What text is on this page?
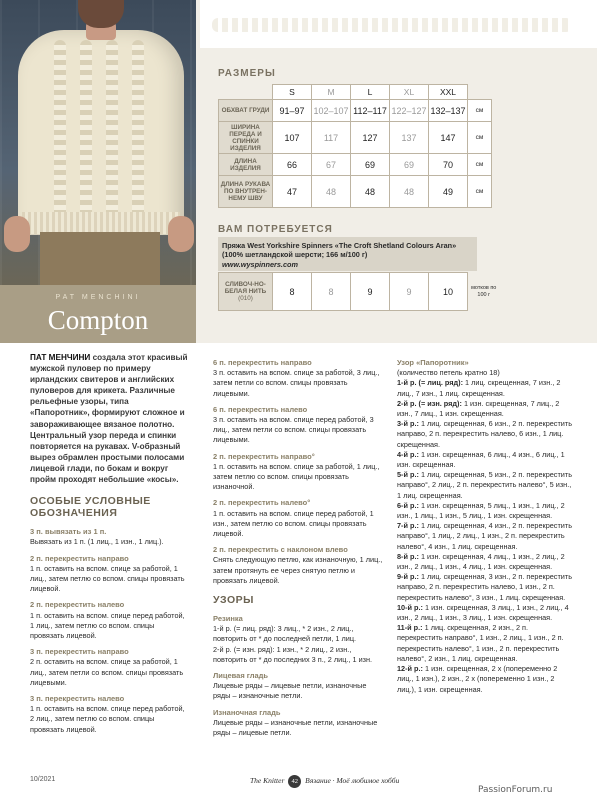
PAT MENCHINI
Compton
РАЗМЕРЫ
	S	M	L	XL	XXL	
ОБХВАТ ГРУДИ	91–97	102–107	112–117	122–127	132–137	см
ШИРИНА ПЕРЕДА И СПИНКИ ИЗДЕЛИЯ	107	117	127	137	147	см
ДЛИНА ИЗДЕЛИЯ	66	67	69	69	70	см
ДЛИНА РУКАВА ПО ВНУТРЕН-НЕМУ ШВУ	47	48	48	48	49	см
ВАМ ПОТРЕБУЕТСЯ
Пряжа West Yorkshire Spinners «The Croft Shetland Colours Aran»
(100% шетландской шерсти; 166 м/100 г)
www.wyspinners.com
СЛИВОЧ-НО-БЕЛАЯ НИТЬ
(010)
	8	8	9	9	10	мотков по 100 г
ПАТ МЕНЧИНИ создала этот красивый мужской пуловер по примеру ирландских свитеров и английских пуловеров для крикета. Различные рельефные узоры, типа «Папоротник», формируют сложное и завораживающее вязаное полотно. Центральный узор переда и спинки повторяется на рукавах. V-образный вырез обрамлен простыми полосами лицевой глади, по бокам и вокруг пройм проходят небольшие «косы».
ОСОБЫЕ УСЛОВНЫЕ ОБОЗНАЧЕНИЯ
3 п. вывязать из 1 п.
Вывязать из 1 п. (1 лиц., 1 изн., 1 лиц.).
2 п. перекрестить направо
1 п. оставить на вспом. спице за работой, 1 лиц., затем петлю со вспом. спицы провязать лицевой.
2 п. перекрестить налево
1 п. оставить на вспом. спице перед работой, 1 лиц., затем петлю со вспом. спицы провязать лицевой.
3 п. перекрестить направо
2 п. оставить на вспом. спице за работой, 1 лиц., затем петли со вспом. спицы провязать лицевыми.
3 п. перекрестить налево
1 п. оставить на вспом. спице перед работой, 2 лиц., затем петлю со вспом. спицы провязать лицевой.
6 п. перекрестить направо
3 п. оставить на вспом. спице за работой, 3 лиц., затем петли со вспом. спицы провязать лицевыми.
6 п. перекрестить налево
3 п. оставить на вспом. спице перед работой, 3 лиц., затем петли со вспом. спицы провязать лицевыми.
2 п. перекрестить направо°
1 п. оставить на вспом. спице за работой, 1 лиц., затем петлю со вспом. спицы провязать изнаночной.
2 п. перекрестить налево°
1 п. оставить на вспом. спице перед работой, 1 изн., затем петлю со вспом. спицы провязать лицевой.
2 п. перекрестить с наклоном влево
Снять следующую петлю, как изнаночную, 1 лиц., затем протянуть ее через снятую петлю и провязать лицевой.
УЗОРЫ
Резинка
1-й р. (= лиц. ряд): 3 лиц., * 2 изн., 2 лиц., повторить от * до последней петли, 1 лиц.
2-й р. (= изн. ряд): 1 изн., * 2 лиц., 2 изн., повторить от * до последних 3 п., 2 лиц., 1 изн.
Лицевая гладь
Лицевые ряды – лицевые петли, изнаночные ряды – изнаночные петли.
Изнаночная гладь
Лицевые ряды – изнаночные петли, изнаночные ряды – лицевые петли.
Узор «Папоротник»
(количество петель кратно 18)
1-й р. (= лиц. ряд): 1 лиц. скрещенная, 7 изн., 2 лиц., 7 изн., 1 лиц. скрещенная.
2-й р. (= изн. ряд): 1 изн. скрещенная, 7 лиц., 2 изн., 7 лиц., 1 изн. скрещенная.
3-й р.: 1 лиц. скрещенная, 6 изн., 2 п. перекрестить направо, 2 п. перекрестить налево, 6 изн., 1 лиц. скрещенная.
4-й р.: 1 изн. скрещенная, 6 лиц., 4 изн., 6 лиц., 1 изн. скрещенная.
5-й р.: 1 лиц. скрещенная, 5 изн., 2 п. перекрестить направо°, 2 лиц., 2 п. перекрестить налево°, 5 изн., 1 лиц. скрещенная.
6-й р.: 1 изн. скрещенная, 5 лиц., 1 изн., 1 лиц., 2 изн., 1 лиц., 1 изн., 5 лиц., 1 изн. скрещенная.
7-й р.: 1 лиц. скрещенная, 4 изн., 2 п. перекрестить направо°, 1 лиц., 2 лиц., 1 изн., 2 п. перекрестить налево°, 4 изн., 1 лиц. скрещенная.
8-й р.: 1 изн. скрещенная, 4 лиц., 1 изн., 2 лиц., 2 изн., 2 лиц., 1 изн., 4 лиц., 1 изн. скрещенная.
9-й р.: 1 лиц. скрещенная, 3 изн., 2 п. перекрестить направо, 2 п. перекрестить налево, 1 изн., 2 п. перекрестить налево°, 3 изн., 1 лиц. скрещенная.
10-й р.: 1 изн. скрещенная, 3 лиц., 1 изн., 2 лиц., 4 изн., 2 лиц., 1 изн., 3 лиц., 1 изн. скрещенная.
11-й р.: 1 лиц. скрещенная, 2 изн., 2 п. перекрестить направо°, 1 изн., 2 лиц., 1 изн., 2 п. перекрестить налево°, 1 изн., 2 п. перекрестить налево°, 2 изн., 1 лиц. скрещенная.
12-й р.: 1 изн. скрещенная, 2 х (попеременно 2 лиц., 1 изн.), 2 изн., 2 х (попеременно 1 изн., 2 лиц.), 1 изн. скрещенная.
10/2021	The Knitter 42 Вязание · Моё любимое хобби
PassionForum.ru
